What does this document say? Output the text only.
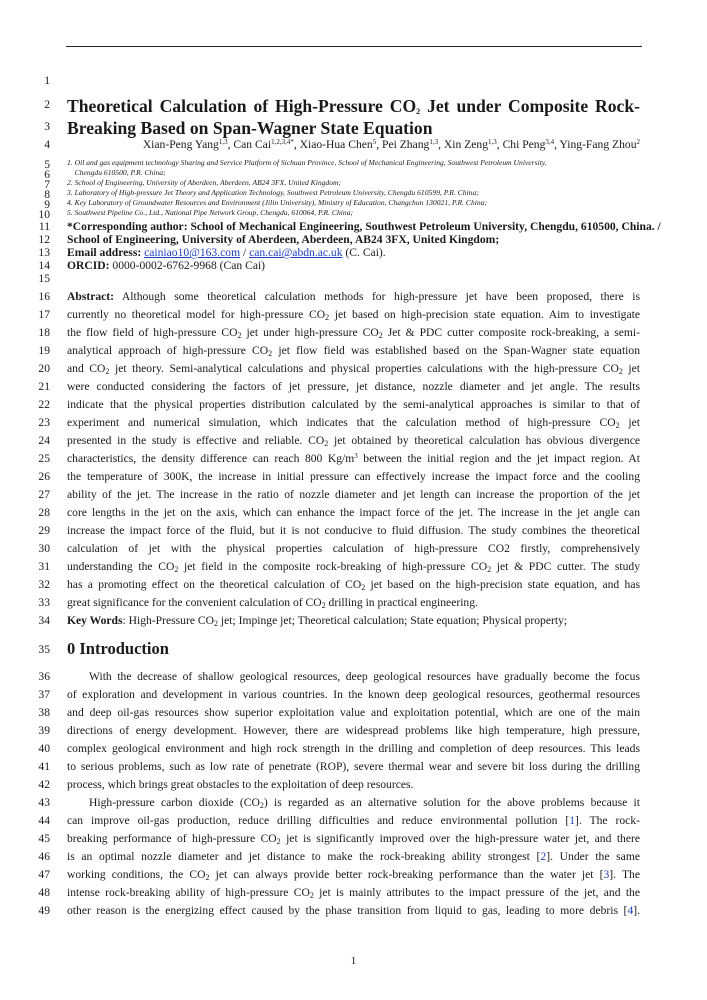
1
2 Theoretical Calculation of High-Pressure $CO_2$ Jet under Composite Rock-
3 Breaking Based on Span-Wagner State Equation
4	Xian-Peng Yang$^{1,3}$, Can Cai$^{1,2,3,4*}$, Xiao-Hua Chen$^5$, Pei Zhang$^{1,3}$, Xin Zeng$^{1,3}$, Chi Peng$^{3,4}$, Ying-Fang Zhou$^2$
5 1. Oil and gas equipment technology Sharing and Service Platform of Sichuan Province, School of Mechanical Engineering, Southwest Petroleum University,
6 Chengdu 610500, P.R. China;
7 2. School of Engineering, University of Aberdeen, Aberdeen, AB24 3FX, United Kingdom;
8 3. Laboratory of High-pressure Jet Theory and Application Technology, Southwest Petroleum University, Chengdu 610599, P.R. China;
9 4. Key Laboratory of Groundwater Resources and Environment (Jilin University), Ministry of Education, Changchun 130021, P.R. China;
10 5. Southwest Pipeline Co., Ltd., National Pipe Network Group, Chengdu, 610064, P.R. China;
11 *Corresponding author: School of Mechanical Engineering, Southwest Petroleum University, Chengdu, 610500, China. /
12 School of Engineering, University of Aberdeen, Aberdeen, AB24 3FX, United Kingdom;
13 Email address: cainiao10@163.com / can.cai@abdn.ac.uk (C. Cai).
14 ORCID: 0000-0002-6762-9968 (Can Cai)
15
16 Abstract: Although some theoretical calculation methods for high-pressure jet have been proposed, there is
17 currently no theoretical model for high-pressure $CO_2$ jet based on high-precision state equation. Aim to investigate
18 the flow field of high-pressure $CO_2$ jet under high-pressure $CO_2$ Jet & PDC cutter composite rock-breaking, a semi-
19 analytical approach of high-pressure $CO_2$ jet flow field was established based on the Span-Wagner state equation
20 and $CO_2$ jet theory. Semi-analytical calculations and physical properties calculations with the high-pressure $CO_2$ jet
21 were conducted considering the factors of jet pressure, jet distance, nozzle diameter and jet angle. The results
22 indicate that the physical properties distribution calculated by the semi-analytical approaches is similar to that of
23 experiment and numerical simulation, which indicates that the calculation method of high-pressure $CO_2$ jet
24 presented in the study is effective and reliable. $CO_2$ jet obtained by theoretical calculation has obvious divergence
25 characteristics, the density difference can reach 800 $Kg/m^3$ between the initial region and the jet impact region. At
26 the temperature of 300K, the increase in initial pressure can effectively increase the impact force and the cooling
27 ability of the jet. The increase in the ratio of nozzle diameter and jet length can increase the proportion of the jet
28 core lengths in the jet on the axis, which can enhance the impact force of the jet. The increase in the jet angle can
29 increase the impact force of the fluid, but it is not conducive to fluid diffusion. The study combines the theoretical
30 calculation of jet with the physical properties calculation of high-pressure CO2 firstly, comprehensively
31 understanding the $CO_2$ jet field in the composite rock-breaking of high-pressure $CO_2$ jet & PDC cutter. The study
32 has a promoting effect on the theoretical calculation of $CO_2$ jet based on the high-precision state equation, and has
33 great significance for the convenient calculation of $CO_2$ drilling in practical engineering.
34 Key Words: High-Pressure $CO_2$ jet; Impinge jet; Theoretical calculation; State equation; Physical property;
35 0 Introduction
36	With the decrease of shallow geological resources, deep geological resources have gradually become the focus
37 of exploration and development in various countries. In the known deep geological resources, geothermal resources
38 and deep oil-gas resources show superior exploitation value and exploitation potential, which are one of the main
39 directions of energy development. However, there are widespread problems like high temperature, high pressure,
40 complex geological environment and high rock strength in the drilling and completion of deep resources. This leads
41 to serious problems, such as low rate of penetrate (ROP), severe thermal wear and severe bit loss during the drilling
42 process, which brings great obstacles to the exploitation of deep resources.
43	High-pressure carbon dioxide $(CO_2)$ is regarded as an alternative solution for the above problems because it
44 can improve oil-gas production, reduce drilling difficulties and reduce environmental pollution [1]. The rock-
45 breaking performance of high-pressure $CO_2$ jet is significantly improved over the high-pressure water jet, and there
46 is an optimal nozzle diameter and jet distance to make the rock-breaking ability strongest [2]. Under the same
47 working conditions, the $CO_2$ jet can always provide better rock-breaking performance than the water jet [3]. The
48 intense rock-breaking ability of high-pressure $CO_2$ jet is mainly attributes to the impact pressure of the jet, and the
49 other reason is the energizing effect caused by the phase transition from liquid to gas, leading to more debris [4].
1
